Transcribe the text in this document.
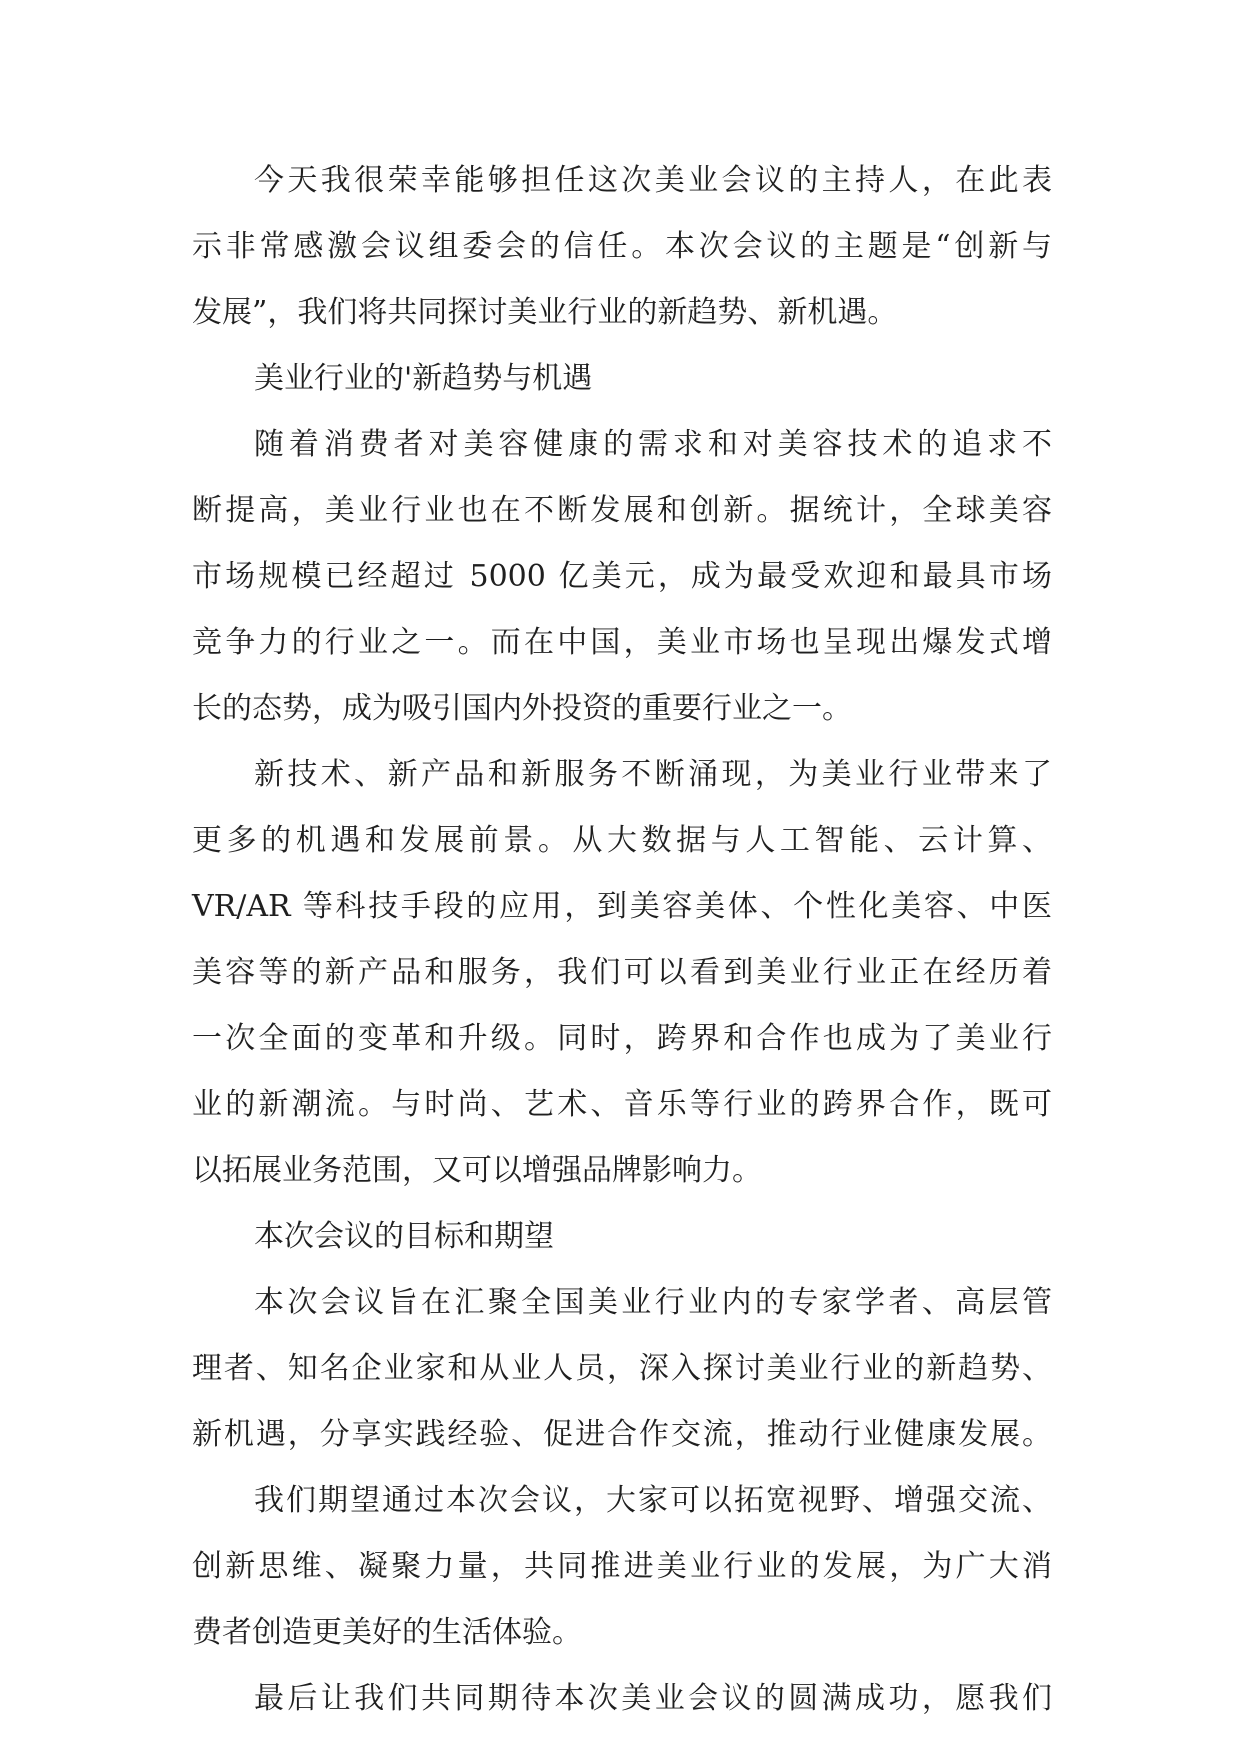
今天我很荣幸能够担任这次美业会议的主持人，在此表
示非常感激会议组委会的信任。本次会议的主题是“创新与
发展”，我们将共同探讨美业行业的新趋势、新机遇。
美业行业的'新趋势与机遇
随着消费者对美容健康的需求和对美容技术的追求不
断提高，美业行业也在不断发展和创新。据统计，全球美容
市场规模已经超过 5000 亿美元，成为最受欢迎和最具市场
竞争力的行业之一。而在中国，美业市场也呈现出爆发式增
长的态势，成为吸引国内外投资的重要行业之一。
新技术、新产品和新服务不断涌现，为美业行业带来了
更多的机遇和发展前景。从大数据与人工智能、云计算、
VR/AR 等科技手段的应用，到美容美体、个性化美容、中医
美容等的新产品和服务，我们可以看到美业行业正在经历着
一次全面的变革和升级。同时，跨界和合作也成为了美业行
业的新潮流。与时尚、艺术、音乐等行业的跨界合作，既可
以拓展业务范围，又可以增强品牌影响力。
本次会议的目标和期望
本次会议旨在汇聚全国美业行业内的专家学者、高层管
理者、知名企业家和从业人员，深入探讨美业行业的新趋势、
新机遇，分享实践经验、促进合作交流，推动行业健康发展。
我们期望通过本次会议，大家可以拓宽视野、增强交流、
创新思维、凝聚力量，共同推进美业行业的发展，为广大消
费者创造更美好的生活体验。
最后让我们共同期待本次美业会议的圆满成功，愿我们
